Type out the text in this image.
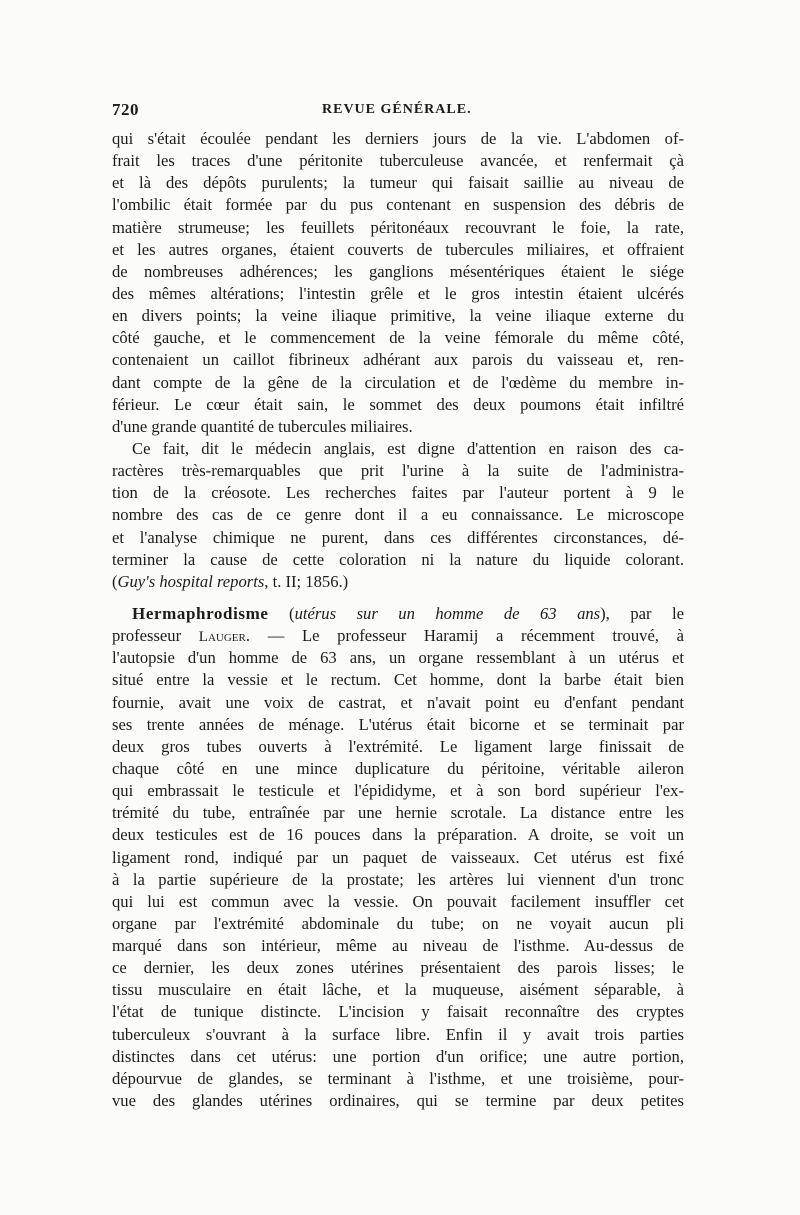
720	REVUE GÉNÉRALE.
qui s'était écoulée pendant les derniers jours de la vie. L'abdomen of-
frait les traces d'une péritonite tuberculeuse avancée, et renfermait çà
et là des dépôts purulents; la tumeur qui faisait saillie au niveau de
l'ombilic était formée par du pus contenant en suspension des débris de
matière strumeuse; les feuillets péritonéaux recouvrant le foie, la rate,
et les autres organes, étaient couverts de tubercules miliaires, et offraient
de nombreuses adhérences; les ganglions mésentériques étaient le siége
des mêmes altérations; l'intestin grêle et le gros intestin étaient ulcérés
en divers points; la veine iliaque primitive, la veine iliaque externe du
côté gauche, et le commencement de la veine fémorale du même côté,
contenaient un caillot fibrineux adhérant aux parois du vaisseau et, ren-
dant compte de la gêne de la circulation et de l'œdème du membre in-
férieur. Le cœur était sain, le sommet des deux poumons était infiltré
d'une grande quantité de tubercules miliaires.
Ce fait, dit le médecin anglais, est digne d'attention en raison des ca-
ractères très-remarquables que prit l'urine à la suite de l'administra-
tion de la créosote. Les recherches faites par l'auteur portent à 9 le
nombre des cas de ce genre dont il a eu connaissance. Le microscope
et l'analyse chimique ne purent, dans ces différentes circonstances, dé-
terminer la cause de cette coloration ni la nature du liquide colorant.
(Guy's hospital reports, t. II; 1856.)
Hermaphrodisme (utérus sur un homme de 63 ans), par le
professeur Lauger. — Le professeur Haramij a récemment trouvé, à
l'autopsie d'un homme de 63 ans, un organe ressemblant à un utérus et
situé entre la vessie et le rectum. Cet homme, dont la barbe était bien
fournie, avait une voix de castrat, et n'avait point eu d'enfant pendant
ses trente années de ménage. L'utérus était bicorne et se terminait par
deux gros tubes ouverts à l'extrémité. Le ligament large finissait de
chaque côté en une mince duplicature du péritoine, véritable aileron
qui embrassait le testicule et l'épididyme, et à son bord supérieur l'ex-
trémité du tube, entraînée par une hernie scrotale. La distance entre les
deux testicules est de 16 pouces dans la préparation. A droite, se voit un
ligament rond, indiqué par un paquet de vaisseaux. Cet utérus est fixé
à la partie supérieure de la prostate; les artères lui viennent d'un tronc
qui lui est commun avec la vessie. On pouvait facilement insuffler cet
organe par l'extrémité abdominale du tube; on ne voyait aucun pli
marqué dans son intérieur, même au niveau de l'isthme. Au-dessus de
ce dernier, les deux zones utérines présentaient des parois lisses; le
tissu musculaire en était lâche, et la muqueuse, aisément séparable, à
l'état de tunique distincte. L'incision y faisait reconnaître des cryptes
tuberculeux s'ouvrant à la surface libre. Enfin il y avait trois parties
distinctes dans cet utérus: une portion d'un orifice; une autre portion,
dépourvue de glandes, se terminant à l'isthme, et une troisième, pour-
vue des glandes utérines ordinaires, qui se termine par deux petites
